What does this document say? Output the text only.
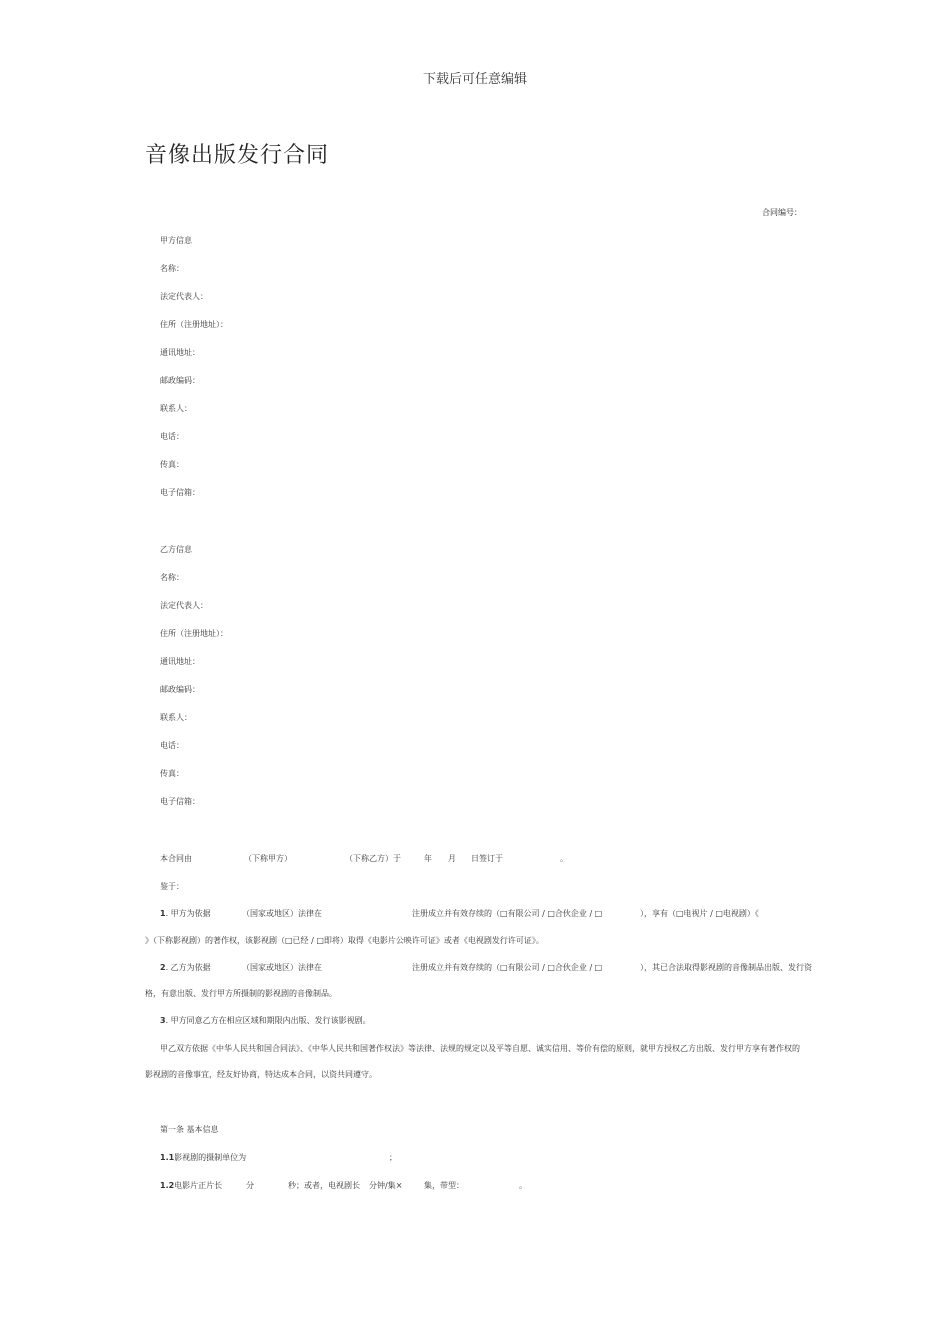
下载后可任意编辑
音像出版发行合同
合同编号：
甲方信息
名称：
法定代表人：
住所（注册地址）：
通讯地址：
邮政编码：
联系人：
电话：
传真：
电子信箱：
乙方信息
名称：
法定代表人：
住所（注册地址）：
通讯地址：
邮政编码：
联系人：
电话：
传真：
电子信箱：
本合同由	（下称甲方）	（下称乙方）于	年 月 日签订于	。
鉴于：
1. 甲方为依据	（国家或地区）法律在	注册成立并有效存续的（□有限公司 / □合伙企业 / □	），享有（□电视片 / □电视剧）《
》（下称影视剧）的著作权，该影视剧（□已经 / □即将）取得《电影片公映许可证》或者《电视剧发行许可证》。
2. 乙方为依据	（国家或地区）法律在	注册成立并有效存续的（□有限公司 / □合伙企业 / □	），其已合法取得影视剧的音像制品出版、发行资
格，有意出版、发行甲方所摄制的影视剧的音像制品。
3. 甲方同意乙方在相应区域和期限内出版、发行该影视剧。
甲乙双方依据《中华人民共和国合同法》、《中华人民共和国著作权法》等法律、法规的规定以及平等自愿、诚实信用、等价有偿的原则，就甲方授权乙方出版、发行甲方享有著作权的
影视剧的音像事宜，经友好协商，特达成本合同，以资共同遵守。
第一条 基本信息
1.1影视剧的摄制单位为	；
1.2电影片正片长	分	秒；或者，电视剧长 分钟/集×	集，带型：	。
